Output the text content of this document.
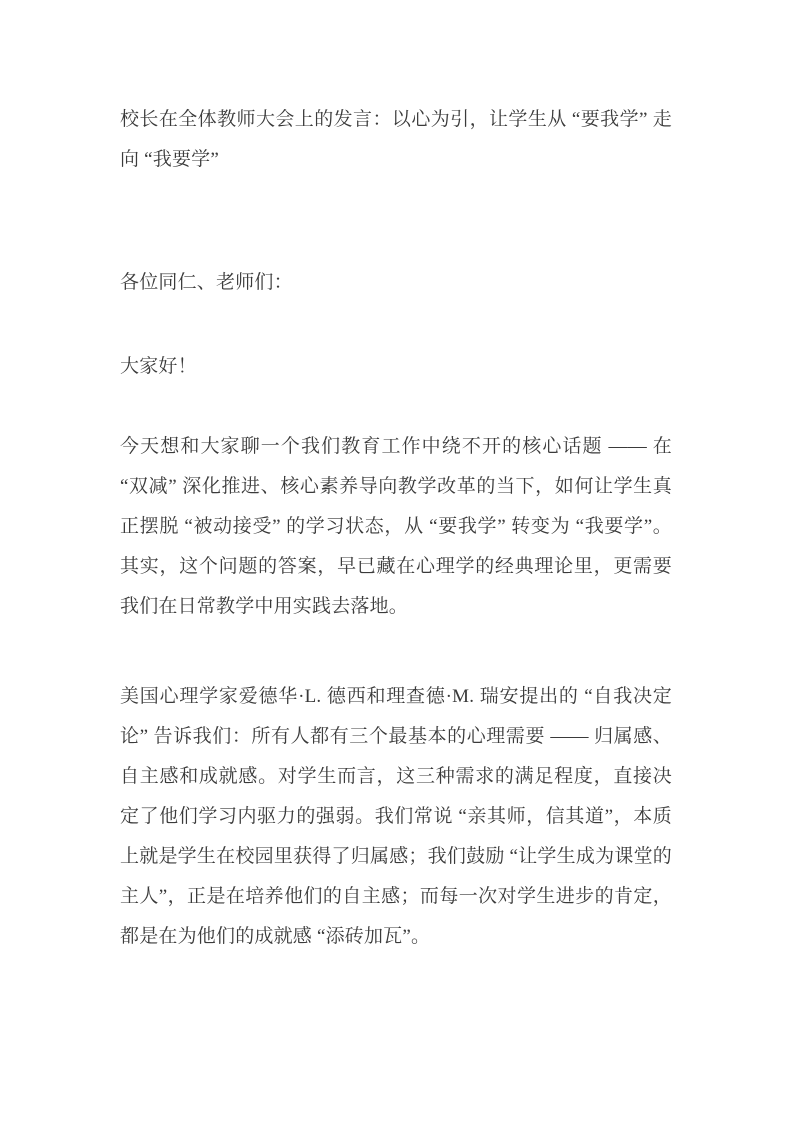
校长在全体教师大会上的发言：以心为引，让学生从 “要我学” 走向 “我要学”

各位同仁、老师们：

大家好！

今天想和大家聊一个我们教育工作中绕不开的核心话题 —— 在 “双减” 深化推进、核心素养导向教学改革的当下，如何让学生真正摆脱 “被动接受” 的学习状态，从 “要我学” 转变为 “我要学”。其实，这个问题的答案，早已藏在心理学的经典理论里，更需要我们在日常教学中用实践去落地。

美国心理学家爱德华·L. 德西和理查德·M. 瑞安提出的 “自我决定论” 告诉我们：所有人都有三个最基本的心理需要 —— 归属感、自主感和成就感。对学生而言，这三种需求的满足程度，直接决定了他们学习内驱力的强弱。我们常说 “亲其师，信其道”，本质上就是学生在校园里获得了归属感；我们鼓励 “让学生成为课堂的主人”，正是在培养他们的自主感；而每一次对学生进步的肯定，都是在为他们的成就感 “添砖加瓦”。
